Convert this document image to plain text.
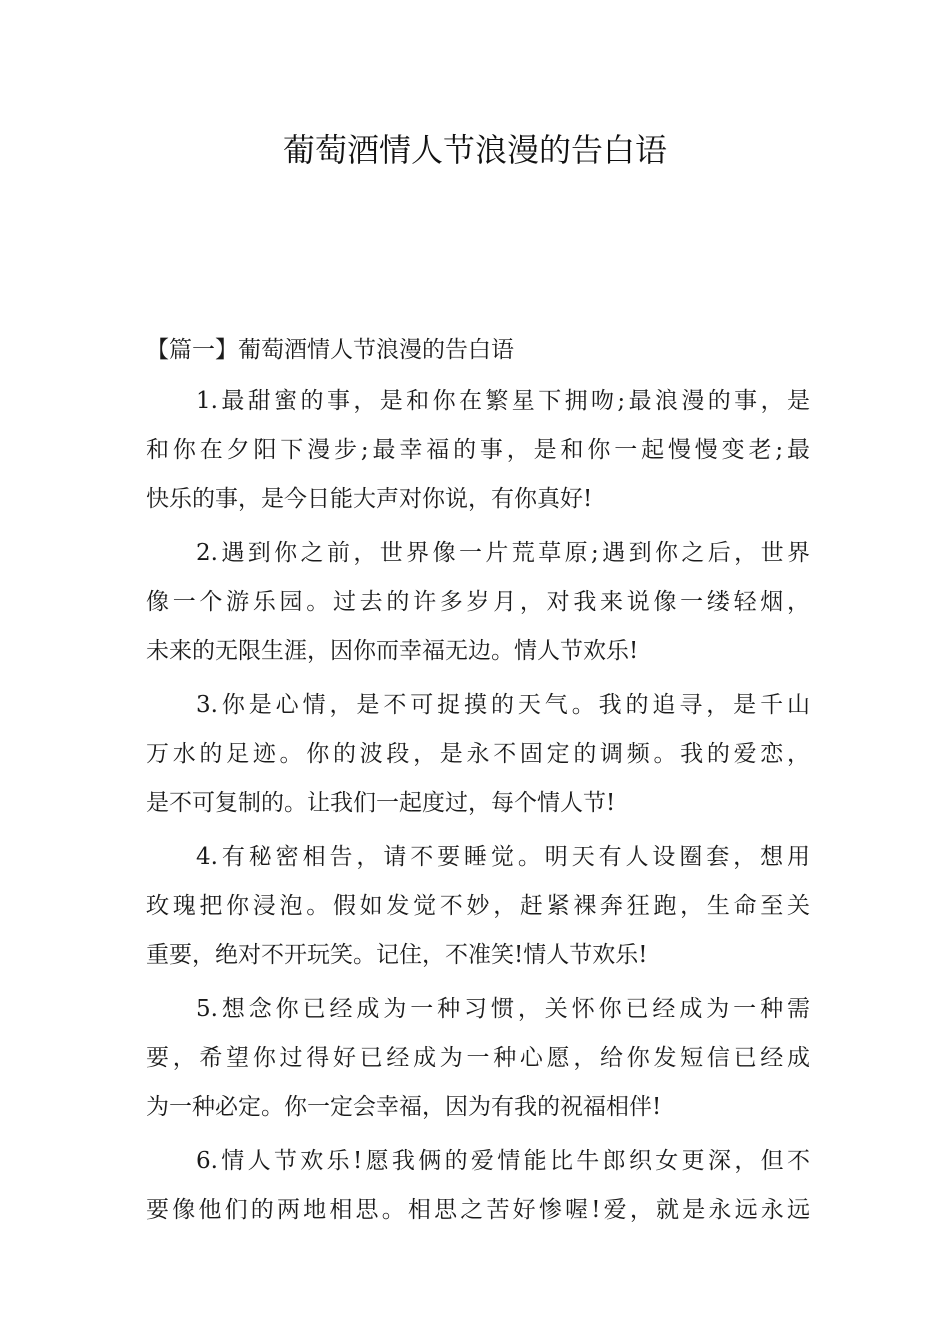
葡萄酒情人节浪漫的告白语
【篇一】葡萄酒情人节浪漫的告白语
1.最甜蜜的事，是和你在繁星下拥吻;最浪漫的事，是
和你在夕阳下漫步;最幸福的事，是和你一起慢慢变老;最
快乐的事，是今日能大声对你说，有你真好!
2.遇到你之前，世界像一片荒草原;遇到你之后，世界
像一个游乐园。过去的许多岁月，对我来说像一缕轻烟，
未来的无限生涯，因你而幸福无边。情人节欢乐!
3.你是心情，是不可捉摸的天气。我的追寻，是千山
万水的足迹。你的波段，是永不固定的调频。我的爱恋，
是不可复制的。让我们一起度过，每个情人节!
4.有秘密相告，请不要睡觉。明天有人设圈套，想用
玫瑰把你浸泡。假如发觉不妙，赶紧裸奔狂跑，生命至关
重要，绝对不开玩笑。记住，不准笑!情人节欢乐!
5.想念你已经成为一种习惯，关怀你已经成为一种需
要，希望你过得好已经成为一种心愿，给你发短信已经成
为一种必定。你一定会幸福，因为有我的祝福相伴!
6.情人节欢乐!愿我俩的爱情能比牛郎织女更深，但不
要像他们的两地相思。相思之苦好惨喔!爱，就是永远永远
